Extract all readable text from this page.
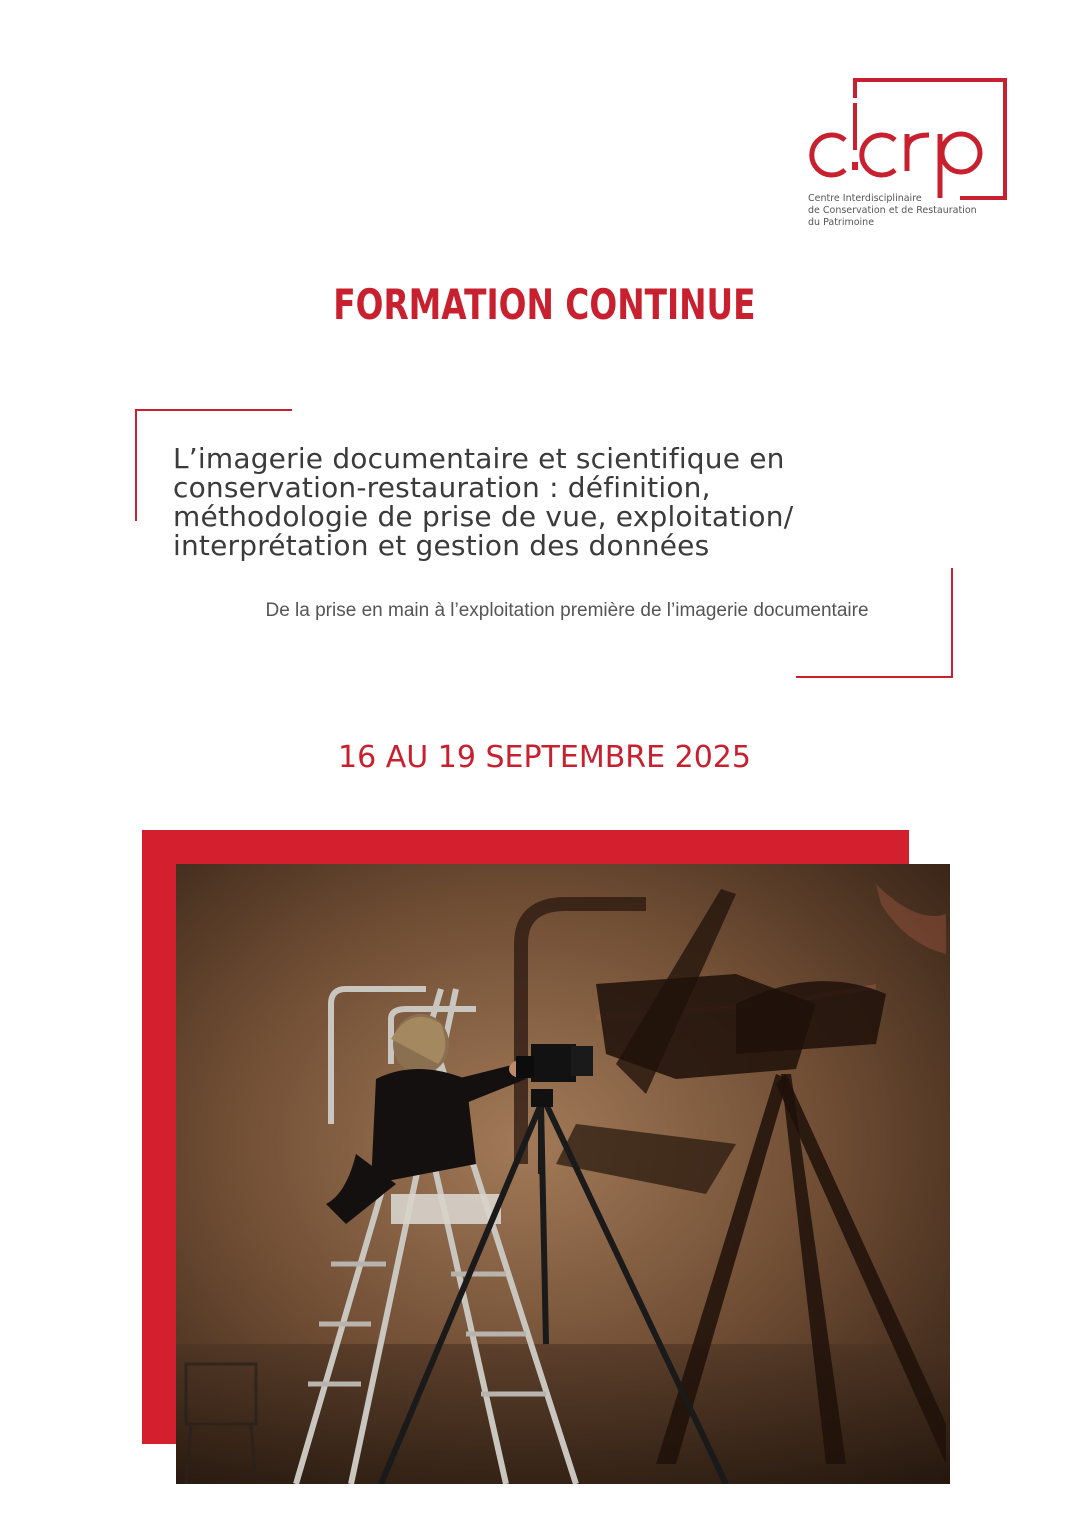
Centre Interdisciplinaire
de Conservation et de Restauration
du Patrimoine
FORMATION CONTINUE
L’imagerie documentaire et scientifique en
conservation-restauration : définition,
méthodologie de prise de vue, exploitation/
interprétation et gestion des données
De la prise en main à l’exploitation première de l’imagerie documentaire
16 AU 19 SEPTEMBRE 2025
